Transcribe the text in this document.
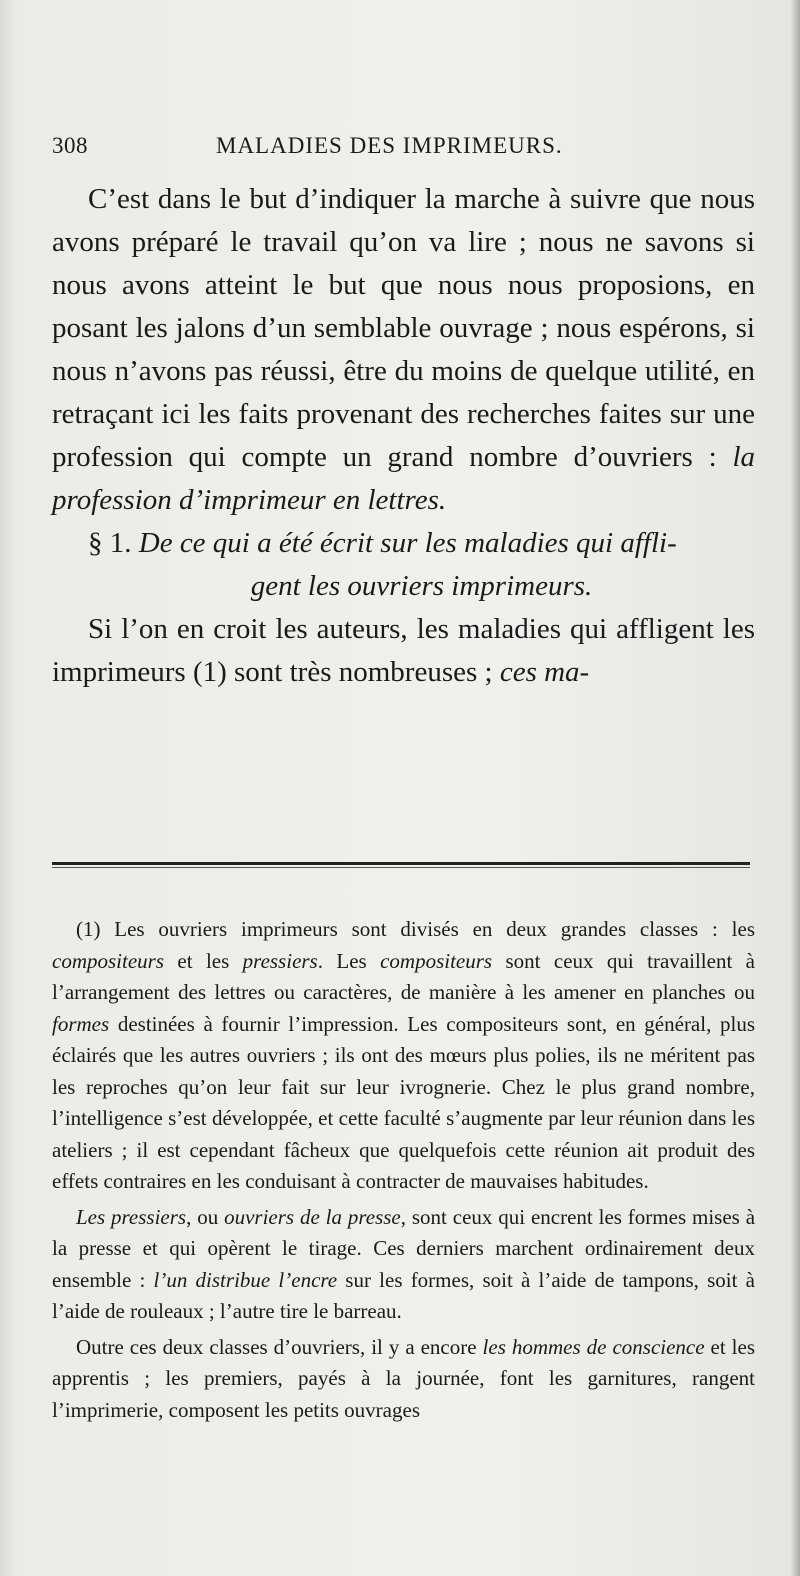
308	MALADIES DES IMPRIMEURS.

C’est dans le but d’indiquer la marche à suivre que nous avons préparé le travail qu’on va lire ; nous ne savons si nous avons atteint le but que nous nous proposions, en posant les jalons d’un semblable ouvrage ; nous espérons, si nous n’avons pas réussi, être du moins de quelque utilité, en retraçant ici les faits provenant des recherches faites sur une profession qui compte un grand nombre d’ouvriers : la profession d’imprimeur en lettres.

§ 1. De ce qui a été écrit sur les maladies qui affli-
gent les ouvriers imprimeurs.

Si l’on en croit les auteurs, les maladies qui affligent les imprimeurs (1) sont très nombreuses ; ces ma-

(1) Les ouvriers imprimeurs sont divisés en deux grandes classes : les compositeurs et les pressiers. Les compositeurs sont ceux qui travaillent à l’arrangement des lettres ou caractères, de manière à les amener en planches ou formes destinées à fournir l’impression. Les compositeurs sont, en général, plus éclairés que les autres ouvriers ; ils ont des mœurs plus polies, ils ne méritent pas les reproches qu’on leur fait sur leur ivrognerie. Chez le plus grand nombre, l’intelligence s’est développée, et cette faculté s’augmente par leur réunion dans les ateliers ; il est cependant fâcheux que quelquefois cette réunion ait produit des effets contraires en les conduisant à contracter de mauvaises habitudes.

Les pressiers, ou ouvriers de la presse, sont ceux qui encrent les formes mises à la presse et qui opèrent le tirage. Ces derniers marchent ordinairement deux ensemble : l’un distribue l’encre sur les formes, soit à l’aide de tampons, soit à l’aide de rouleaux ; l’autre tire le barreau.

Outre ces deux classes d’ouvriers, il y a encore les hommes de conscience et les apprentis ; les premiers, payés à la journée, font les garnitures, rangent l’imprimerie, composent les petits ouvrages
